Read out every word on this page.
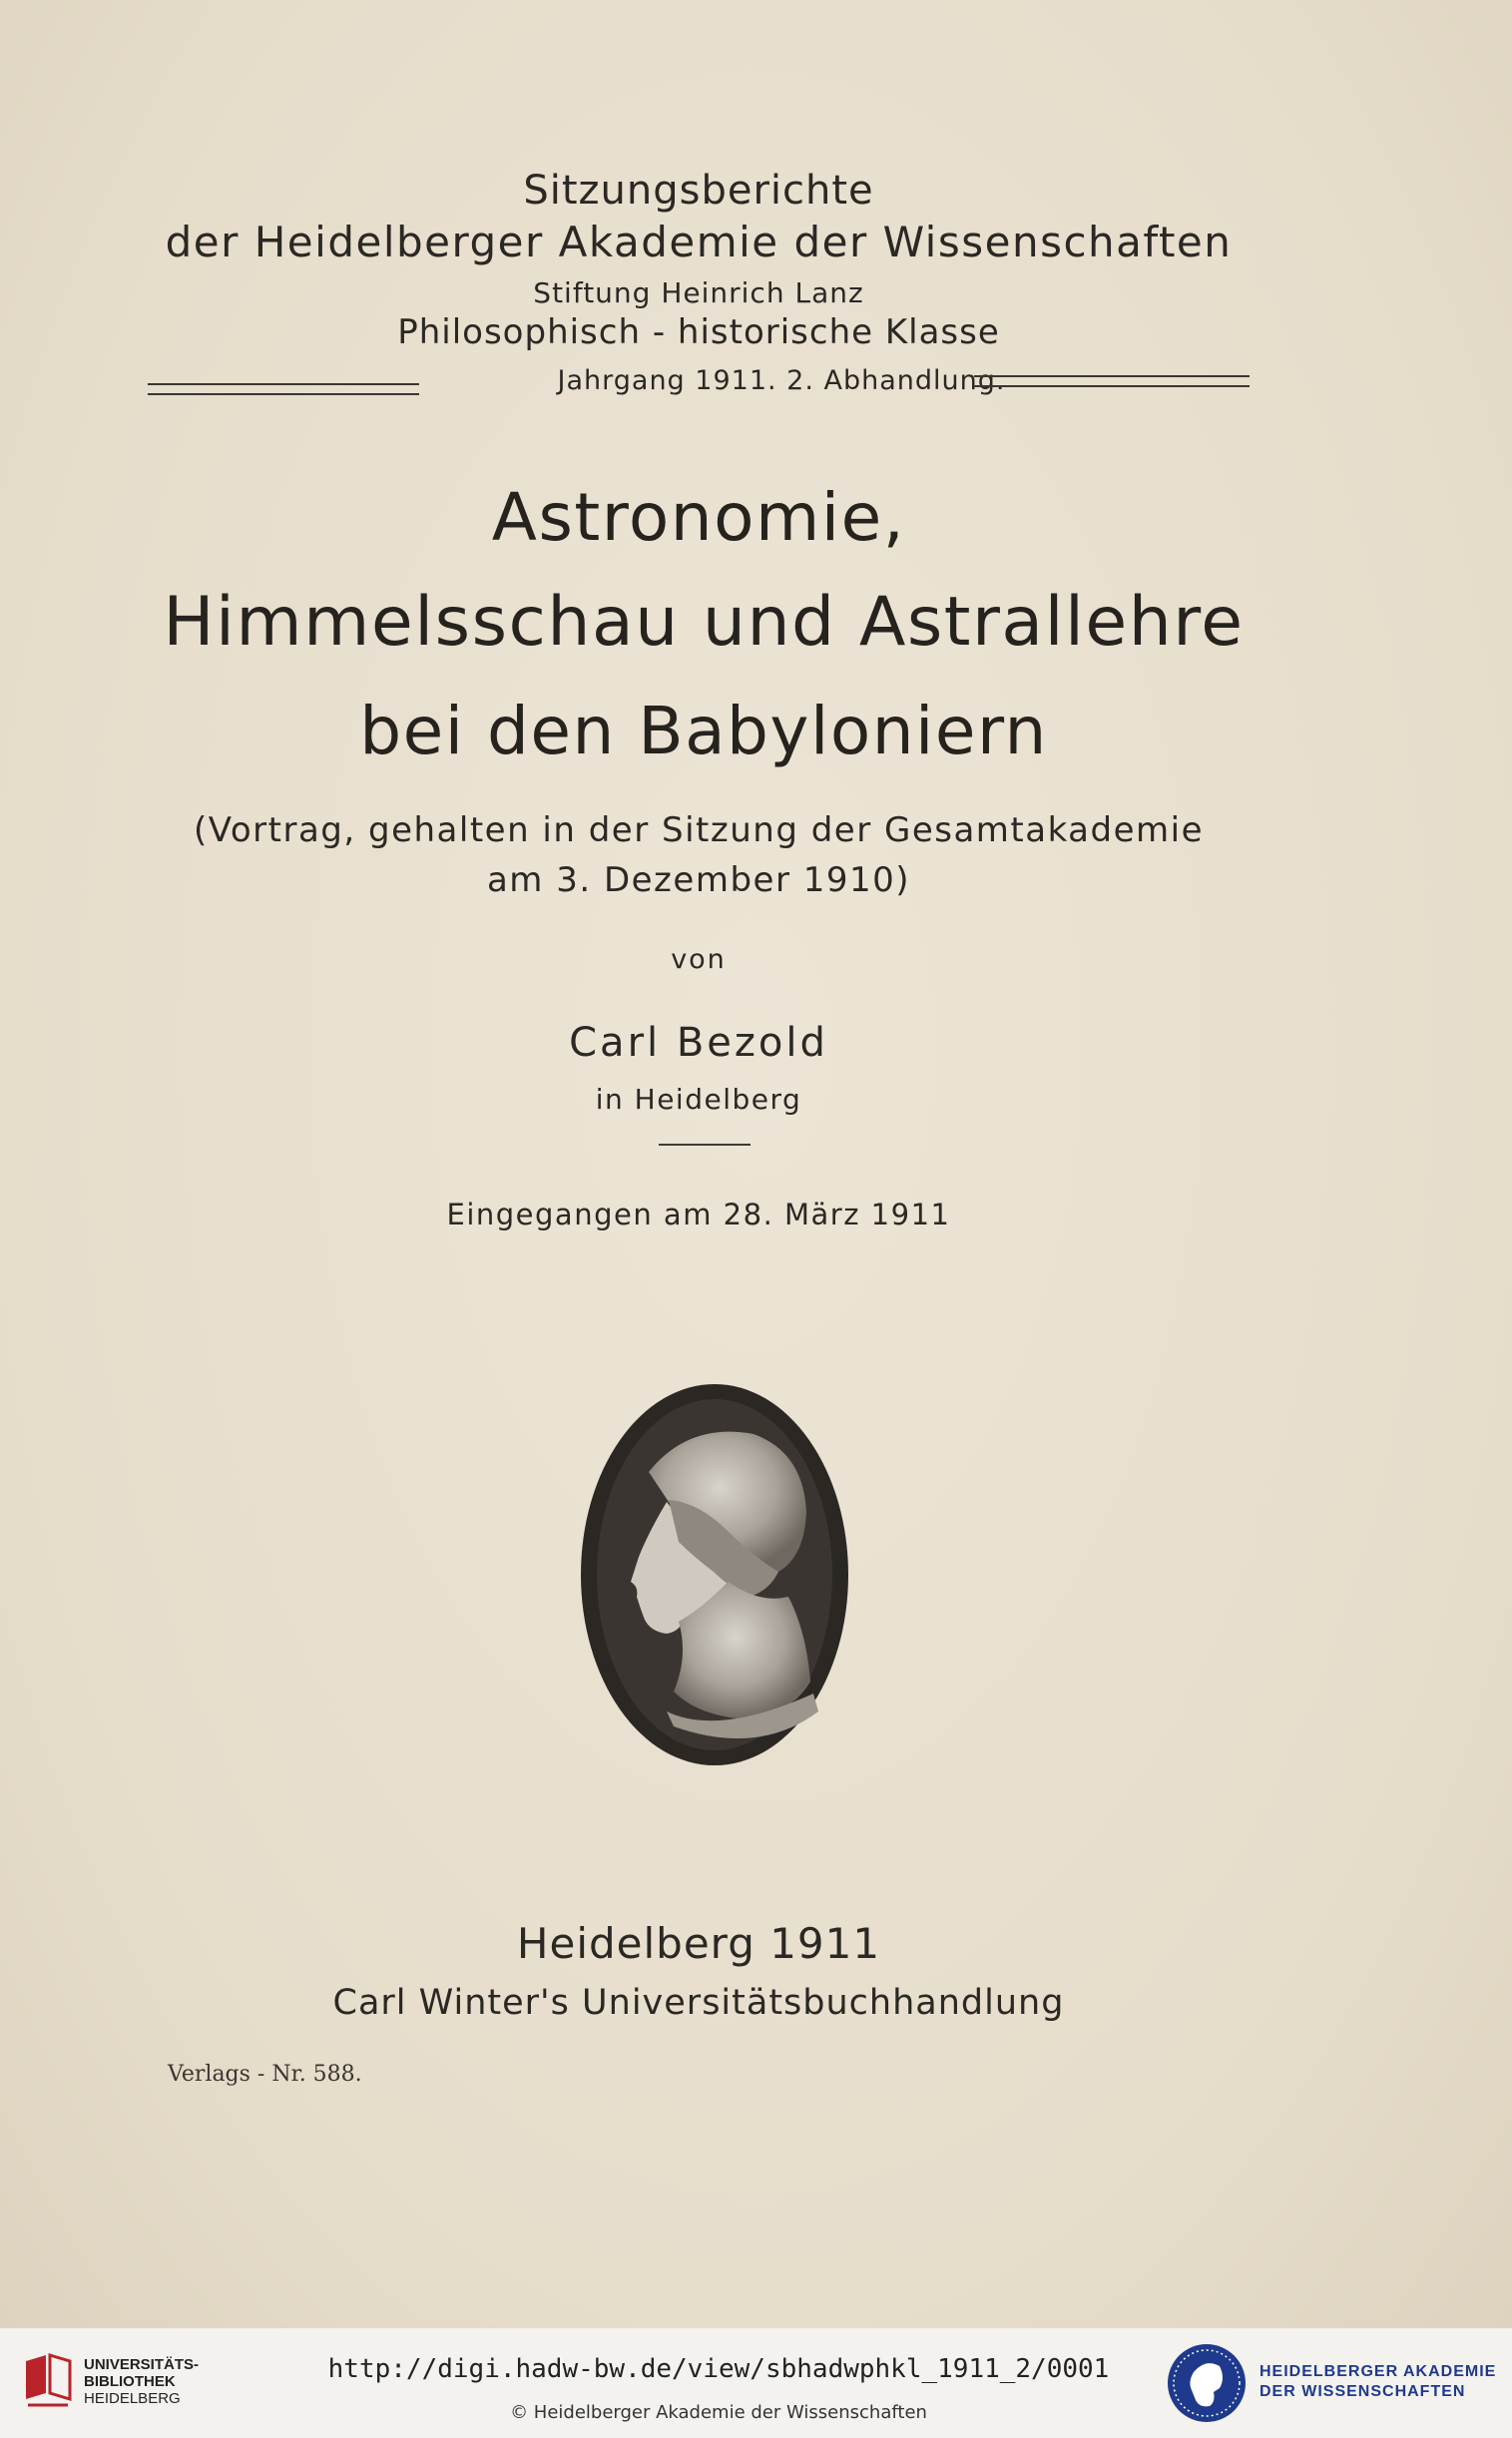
Sitzungsberichte
der Heidelberger Akademie der Wissenschaften
Stiftung Heinrich Lanz
Philosophisch - historische Klasse
Jahrgang 1911. 2. Abhandlung.
Astronomie,
Himmelsschau und Astrallehre
bei den Babyloniern
(Vortrag, gehalten in der Sitzung der Gesamtakademie
am 3. Dezember 1910)
von
Carl Bezold
in Heidelberg
Eingegangen am 28. März 1911
Heidelberg 1911
Carl Winter's Universitätsbuchhandlung
Verlags - Nr. 588.
UNIVERSITÄTS-
BIBLIOTHEK
HEIDELBERG
http://digi.hadw-bw.de/view/sbhadwphkl_1911_2/0001
© Heidelberger Akademie der Wissenschaften
HEIDELBERGER AKADEMIE
DER WISSENSCHAFTEN
